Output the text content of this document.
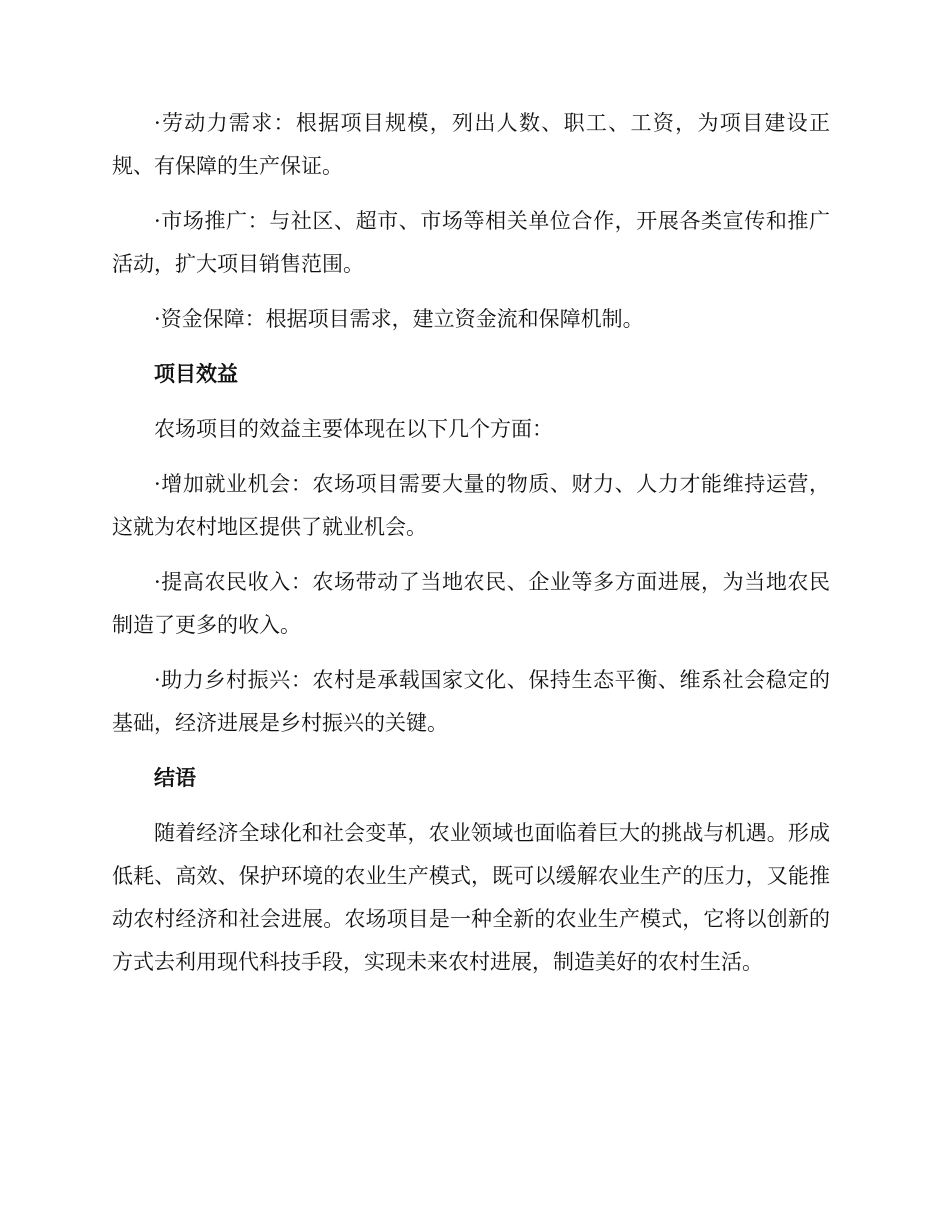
·劳动力需求：根据项目规模，列出人数、职工、工资，为项目建设正规、有保障的生产保证。

·市场推广：与社区、超市、市场等相关单位合作，开展各类宣传和推广活动，扩大项目销售范围。

·资金保障：根据项目需求，建立资金流和保障机制。

项目效益

农场项目的效益主要体现在以下几个方面：

·增加就业机会：农场项目需要大量的物质、财力、人力才能维持运营，这就为农村地区提供了就业机会。

·提高农民收入：农场带动了当地农民、企业等多方面进展，为当地农民制造了更多的收入。

·助力乡村振兴：农村是承载国家文化、保持生态平衡、维系社会稳定的基础，经济进展是乡村振兴的关键。

结语

随着经济全球化和社会变革，农业领域也面临着巨大的挑战与机遇。形成低耗、高效、保护环境的农业生产模式，既可以缓解农业生产的压力，又能推动农村经济和社会进展。农场项目是一种全新的农业生产模式，它将以创新的方式去利用现代科技手段，实现未来农村进展，制造美好的农村生活。
